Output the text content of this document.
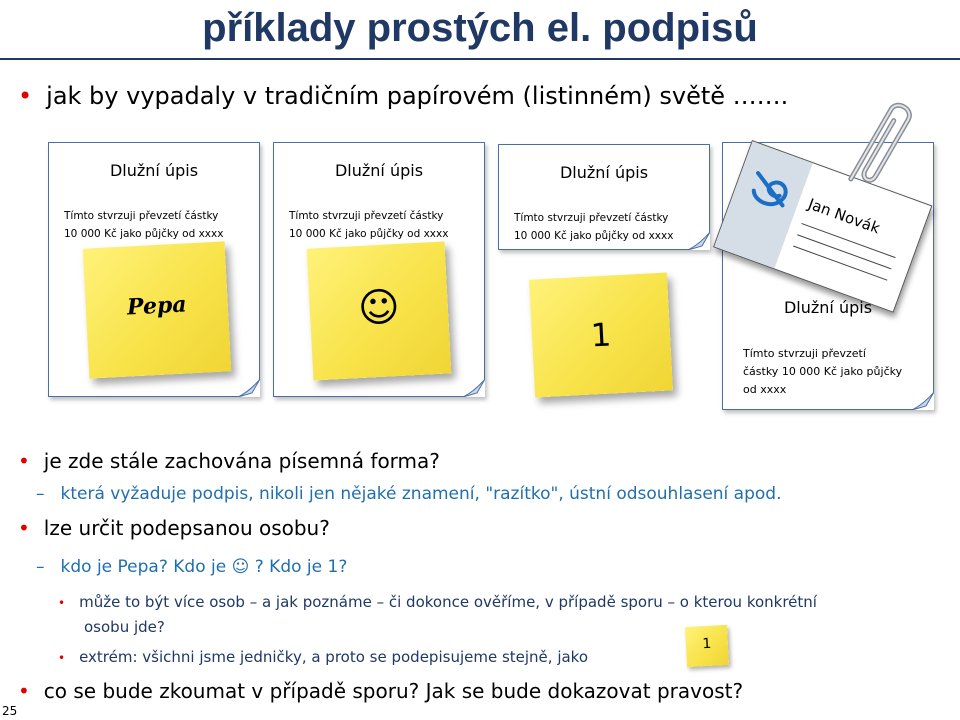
příklady prostých el. podpisů
• jak by vypadaly v tradičním papírovém (listinném) světě …….
Dlužní úpis
Tímto stvrzuji převzetí částky
10 000 Kč jako půjčky od xxxx
Pepa
Dlužní úpis
Tímto stvrzuji převzetí částky
10 000 Kč jako půjčky od xxxx
☺
Dlužní úpis
Tímto stvrzuji převzetí částky
10 000 Kč jako půjčky od xxxx
1
Dlužní úpis
Tímto stvrzuji převzetí
částky 10 000 Kč jako půjčky
od xxxx
Jan Novák
• je zde stále zachována písemná forma?
– která vyžaduje podpis, nikoli jen nějaké znamení, "razítko", ústní odsouhlasení apod.
• lze určit podepsanou osobu?
– kdo je Pepa? Kdo je ☺ ? Kdo je 1?
• může to být více osob – a jak poznáme – či dokonce ověříme, v případě sporu – o kterou konkrétní
osobu jde?
• extrém: všichni jsme jedničky, a proto se podepisujeme stejně, jako
1
• co se bude zkoumat v případě sporu? Jak se bude dokazovat pravost?
25
